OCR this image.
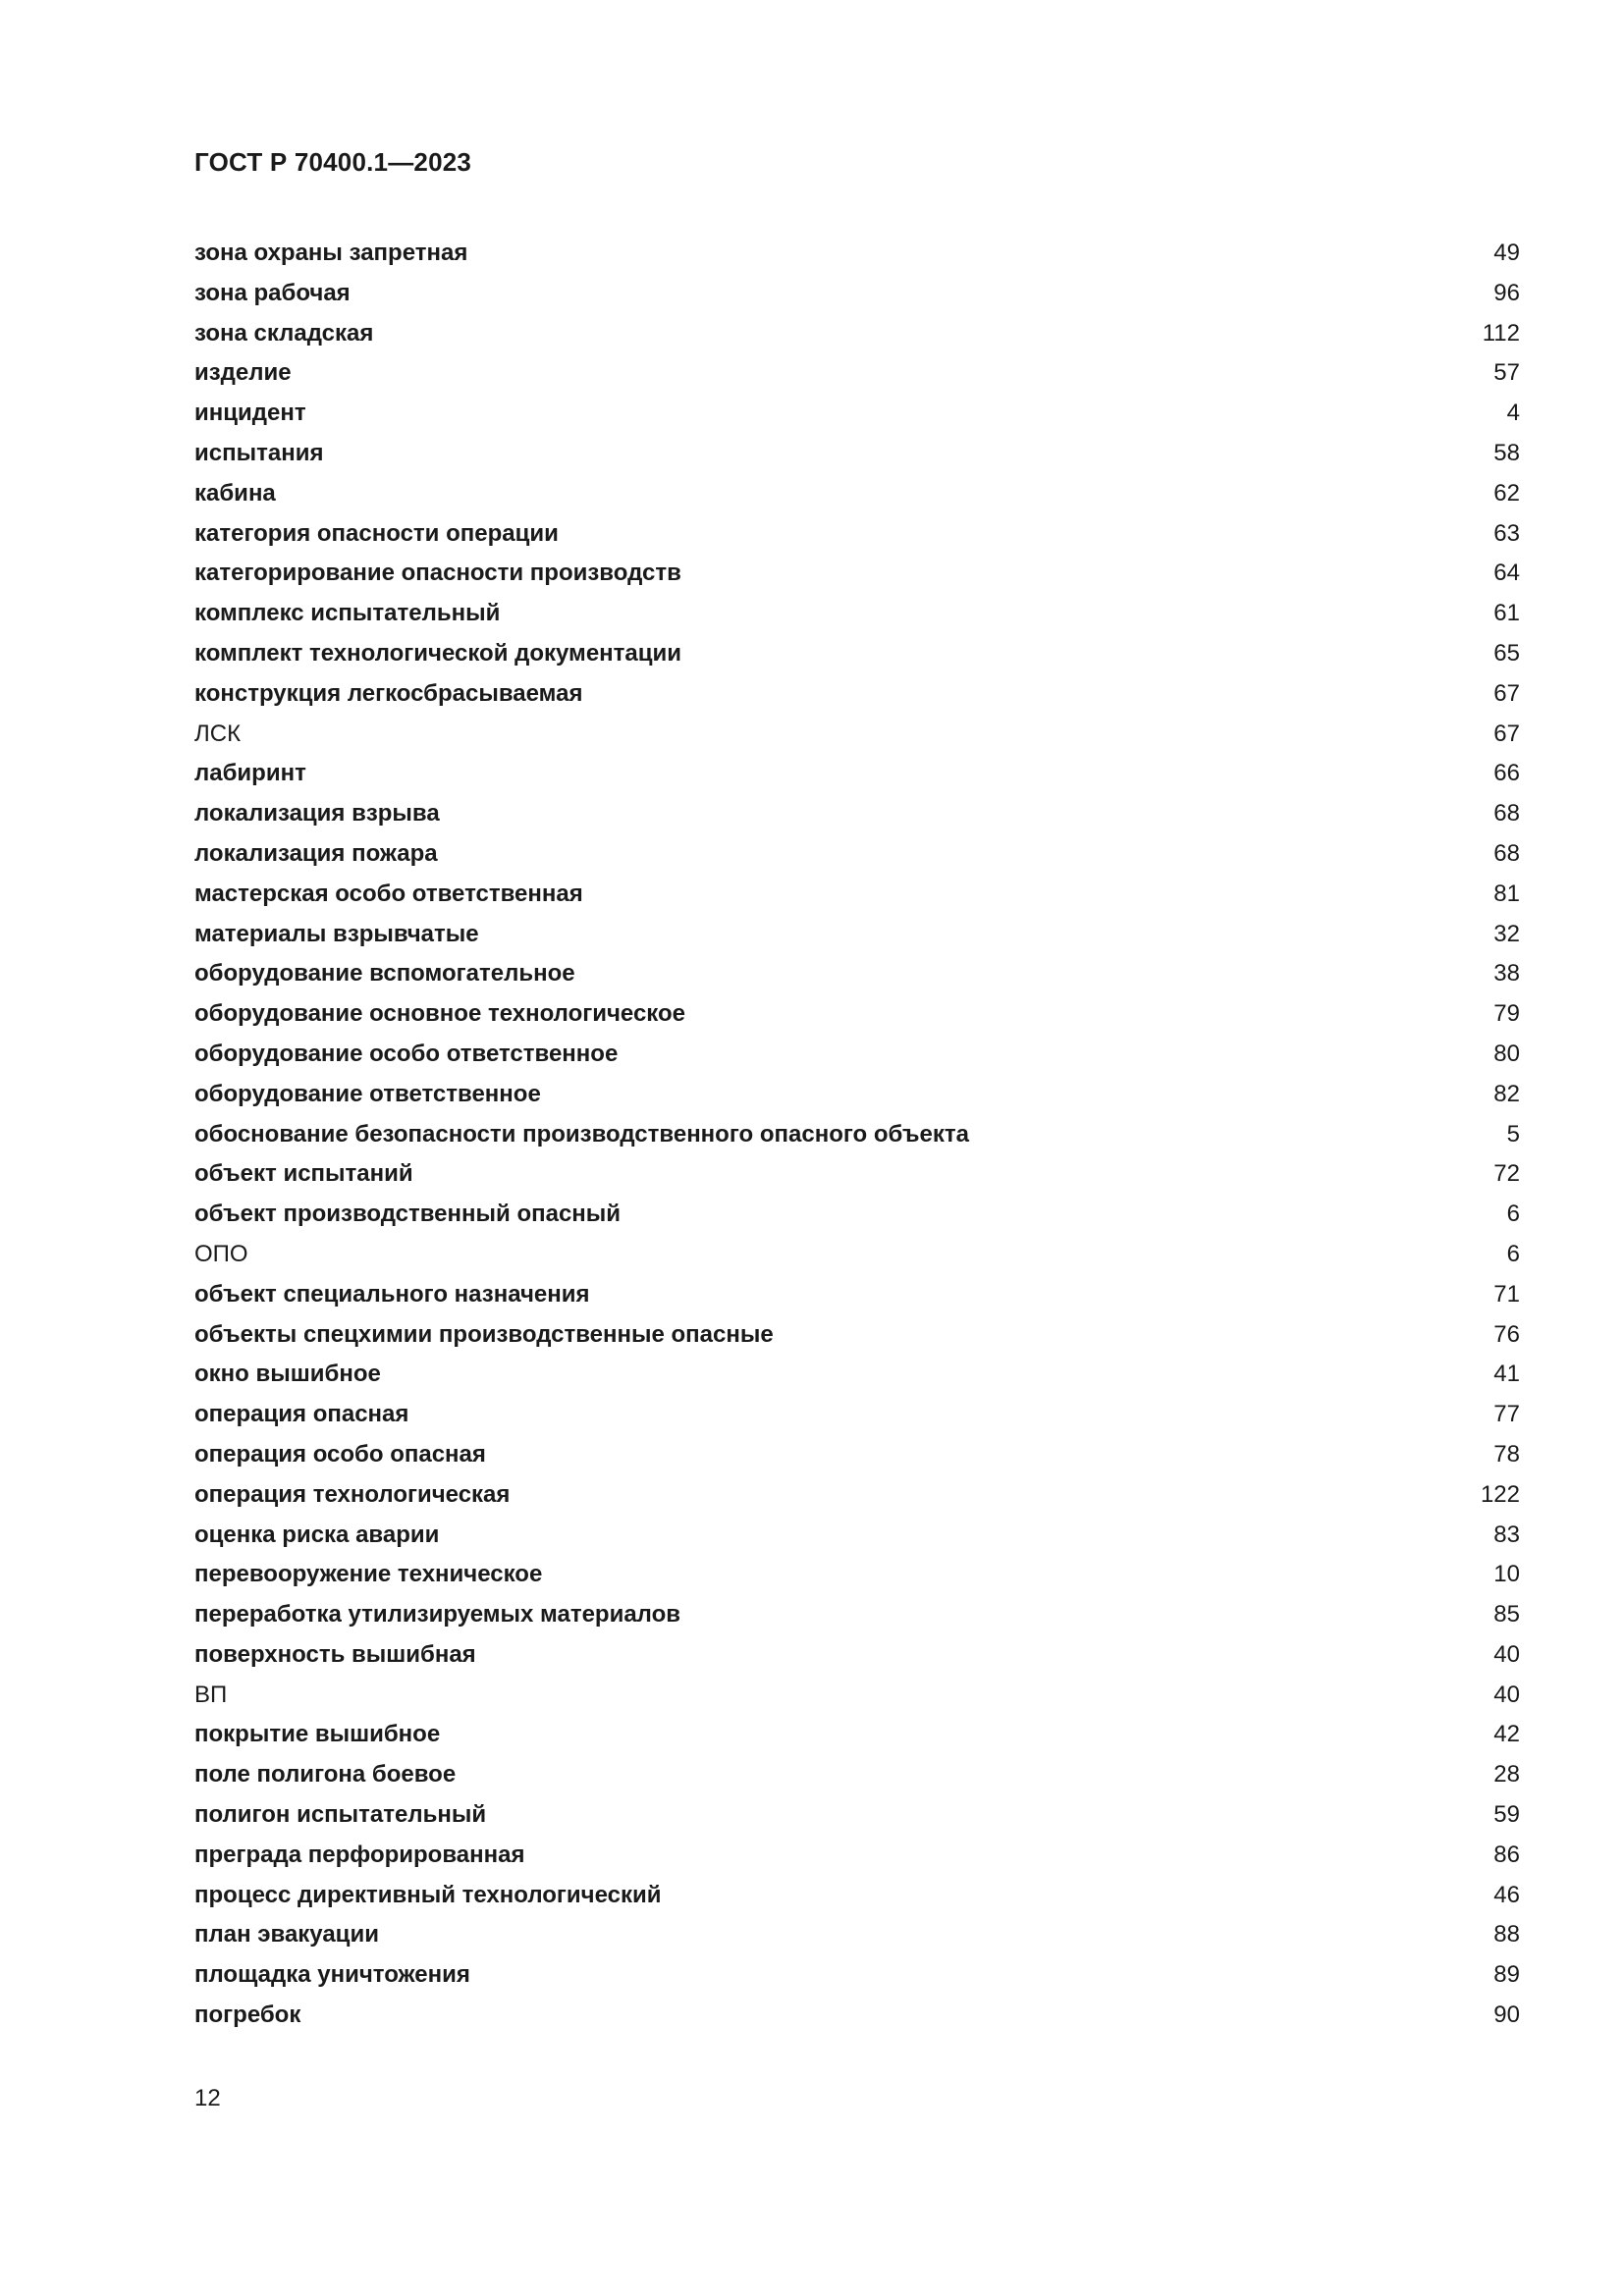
ГОСТ Р 70400.1—2023
зона охраны запретная	49
зона рабочая	96
зона складская	112
изделие	57
инцидент	4
испытания	58
кабина	62
категория опасности операции	63
категорирование опасности производств	64
комплекс испытательный	61
комплект технологической документации	65
конструкция легкосбрасываемая	67
ЛСК	67
лабиринт	66
локализация взрыва	68
локализация пожара	68
мастерская особо ответственная	81
материалы взрывчатые	32
оборудование вспомогательное	38
оборудование основное технологическое	79
оборудование особо ответственное	80
оборудование ответственное	82
обоснование безопасности производственного опасного объекта	5
объект испытаний	72
объект производственный опасный	6
ОПО	6
объект специального назначения	71
объекты спецхимии производственные опасные	76
окно вышибное	41
операция опасная	77
операция особо опасная	78
операция технологическая	122
оценка риска аварии	83
перевооружение техническое	10
переработка утилизируемых материалов	85
поверхность вышибная	40
ВП	40
покрытие вышибное	42
поле полигона боевое	28
полигон испытательный	59
преграда перфорированная	86
процесс директивный технологический	46
план эвакуации	88
площадка уничтожения	89
погребок	90
12
